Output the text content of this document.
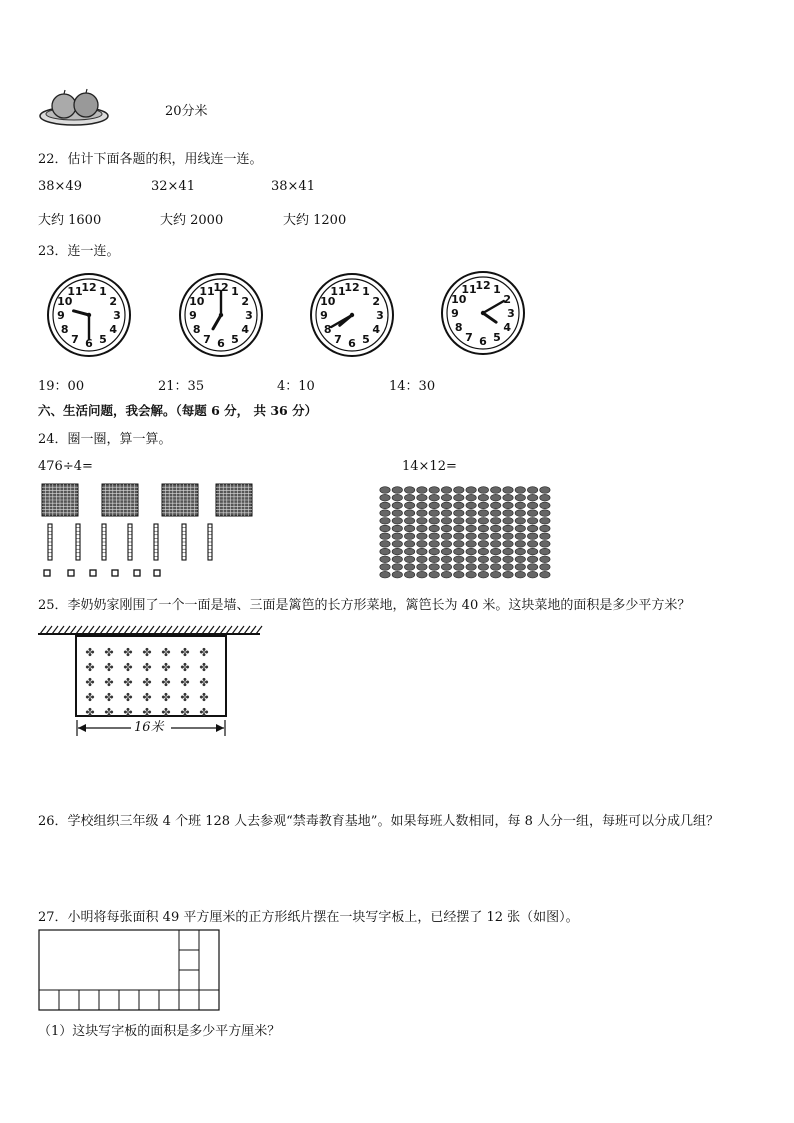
20分米
22．估计下面各题的积，用线连一连。
38×49	32×41	38×41
大约 1600	大约 2000	大约 1200
23．连一连。
1
2
3
4
5
6
7
8
9
10
11
12	1
2
3
4
5
6
7
8
9
10
11
12	1
2
3
4
5
6
7
8
9
10
11
12	1
2
3
4
5
6
7
8
9
10
11
12
19：00	21：35	4：10	14：30
六、生活问题，我会解。（每题 6 分， 共 36 分）
24．圈一圈，算一算。
476÷4=	14×12=
25．李奶奶家刚围了一个一面是墙、三面是篱笆的长方形菜地，篱笆长为 40 米。这块菜地的面积是多少平方米？
✤ ✤ ✤ ✤ ✤ ✤ ✤
✤ ✤ ✤ ✤ ✤ ✤ ✤
✤ ✤ ✤ ✤ ✤ ✤ ✤
✤ ✤ ✤ ✤ ✤ ✤ ✤
✤ ✤ ✤ ✤ ✤ ✤ ✤
16米
26．学校组织三年级 4 个班 128 人去参观“禁毒教育基地”。如果每班人数相同，每 8 人分一组，每班可以分成几组？
27．小明将每张面积 49 平方厘米的正方形纸片摆在一块写字板上，已经摆了 12 张（如图）。
（1）这块写字板的面积是多少平方厘米？
